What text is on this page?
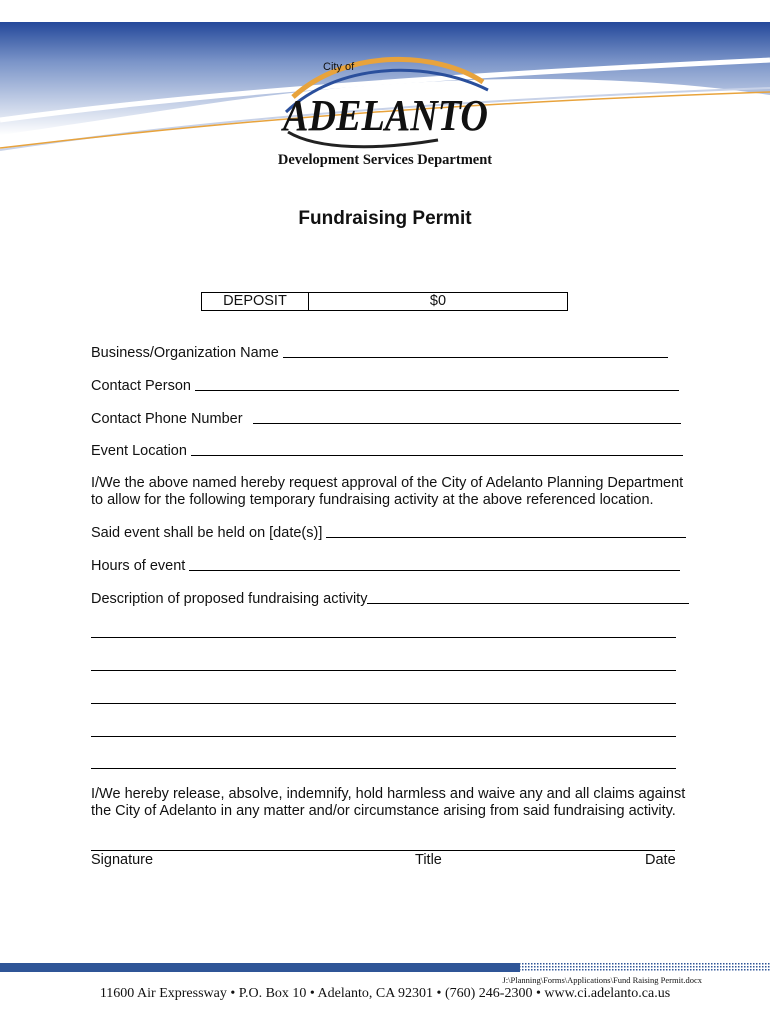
City of
ADELANTO
Development Services Department
Fundraising Permit
DEPOSIT	$0
Business/Organization Name
Contact Person
Contact Phone Number
Event Location
I/We the above named hereby request approval of the City of Adelanto Planning Department to allow for the following temporary fundraising activity at the above referenced location.
Said event shall be held on [date(s)]
Hours of event
Description of proposed fundraising activity
I/We hereby release, absolve, indemnify, hold harmless and waive any and all claims against the City of Adelanto in any matter and/or circumstance arising from said fundraising activity.
Signature	Title	Date
J:\Planning\Forms\Applications\Fund Raising Permit.docx
11600 Air Expressway • P.O. Box 10 • Adelanto, CA 92301 • (760) 246-2300 • www.ci.adelanto.ca.us
